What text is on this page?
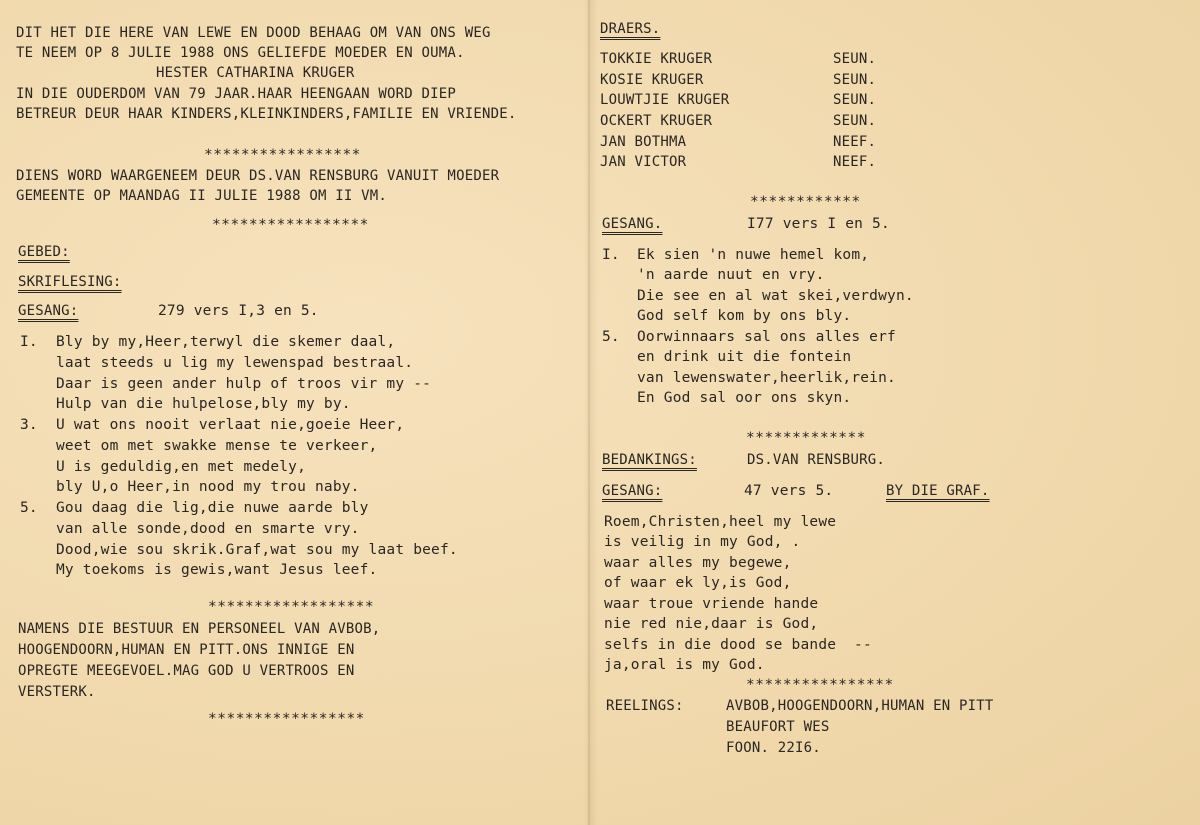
DIT HET DIE HERE VAN LEWE EN DOOD BEHAAG OM VAN ONS WEG
TE NEEM OP 8 JULIE 1988 ONS GELIEFDE MOEDER EN OUMA.
HESTER CATHARINA KRUGER
IN DIE OUDERDOM VAN 79 JAAR.HAAR HEENGAAN WORD DIEP
BETREUR DEUR HAAR KINDERS,KLEINKINDERS,FAMILIE EN VRIENDE.
*****************
DIENS WORD WAARGENEEM DEUR DS.VAN RENSBURG VANUIT MOEDER
GEMEENTE OP MAANDAG II JULIE 1988 OM II VM.
*****************
GEBED:
SKRIFLESING:
GESANG:	279 vers I,3 en 5.
I. Bly by my,Heer,terwyl die skemer daal,
laat steeds u lig my lewenspad bestraal.
Daar is geen ander hulp of troos vir my --
Hulp van die hulpelose,bly my by.
3. U wat ons nooit verlaat nie,goeie Heer,
weet om met swakke mense te verkeer,
U is geduldig,en met medely,
bly U,o Heer,in nood my trou naby.
5. Gou daag die lig,die nuwe aarde bly
van alle sonde,dood en smarte vry.
Dood,wie sou skrik.Graf,wat sou my laat beef.
My toekoms is gewis,want Jesus leef.
******************
NAMENS DIE BESTUUR EN PERSONEEL VAN AVBOB,
HOOGENDOORN,HUMAN EN PITT.ONS INNIGE EN
OPREGTE MEEGEVOEL.MAG GOD U VERTROOS EN
VERSTERK.
*****************
DRAERS.
TOKKIE KRUGER	SEUN.
KOSIE KRUGER	SEUN.
LOUWTJIE KRUGER	SEUN.
OCKERT KRUGER	SEUN.
JAN BOTHMA	NEEF.
JAN VICTOR	NEEF.
************
GESANG.	I77 vers I en 5.
I. Ek sien 'n nuwe hemel kom,
'n aarde nuut en vry.
Die see en al wat skei,verdwyn.
God self kom by ons bly.
5. Oorwinnaars sal ons alles erf
en drink uit die fontein
van lewenswater,heerlik,rein.
En God sal oor ons skyn.
*************
BEDANKINGS:	DS.VAN RENSBURG.
GESANG:	47 vers 5.	BY DIE GRAF.
Roem,Christen,heel my lewe
is veilig in my God, .
waar alles my begewe,
of waar ek ly,is God,
waar troue vriende hande
nie red nie,daar is God,
selfs in die dood se bande  --
ja,oral is my God.
****************
REELINGS:	AVBOB,HOOGENDOORN,HUMAN EN PITT
BEAUFORT WES
FOON. 22I6.
